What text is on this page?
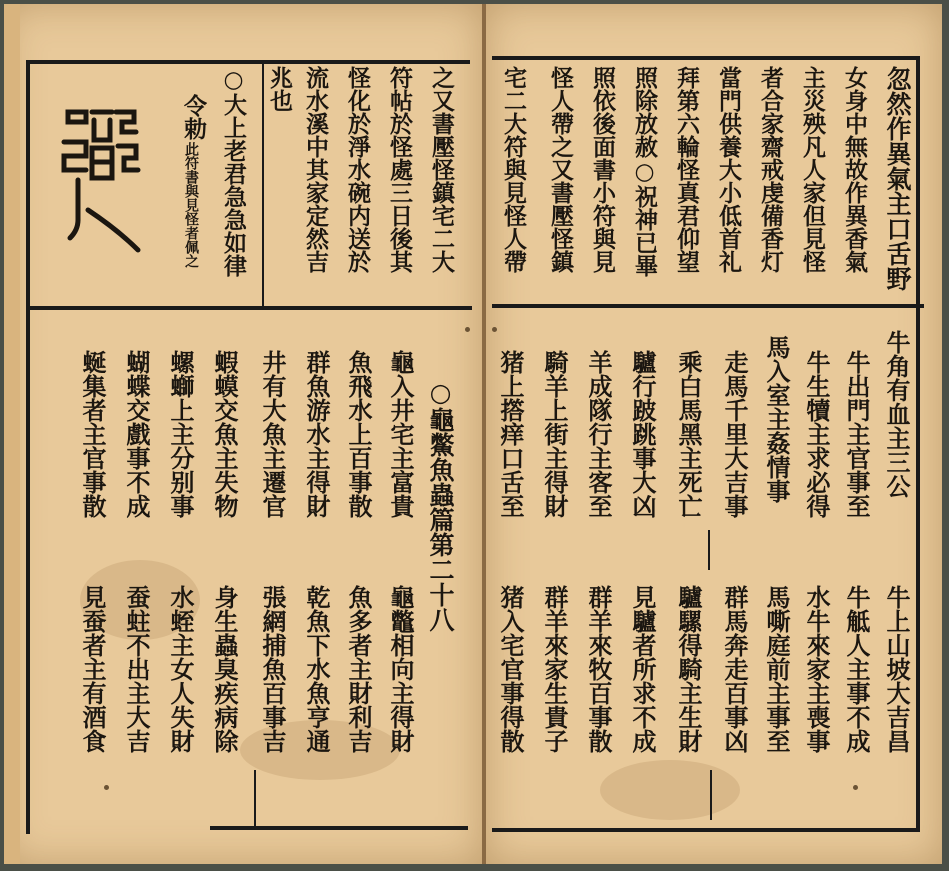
忽然作異氣主口舌野
女身中無故作異香氣
主災殃凡人家但見怪
者合家齋戒虔備香灯
當門供養大小低首礼
拜第六輪怪真君仰望
照除放赦○祝神已畢
照依後面書小符與見
怪人帶之又書壓怪鎮
宅二大符與見怪人帶
牛角有血主三公
牛出門主官事至
牛生犢主求必得
馬入室主姦情事
走馬千里大吉事
乘白馬黑主死亡
驢行跛跳事大凶
羊成隊行主客至
騎羊上街主得財
猪上撘痒口舌至
牛上山坡大吉昌
牛觝人主事不成
水牛來家主喪事
馬嘶庭前主事至
群馬奔走百事凶
驢騾得騎主生財
見驢者所求不成
群羊來牧百事散
群羊來家生貴子
猪入宅官事得散
之又書壓怪鎮宅二大
符帖於怪處三日後其
怪化於淨水碗内送於
流水溪中其家定然吉
兆也
○大上老君急急如律
令勅
此符書與見怪者佩之
○龜鱉魚蟲篇第二十八
龜入井宅主富貴
魚飛水上百事散
群魚游水主得財
井有大魚主遷官
蝦蟆交魚主失物
螺螄上主分别事
蝴蝶交戲事不成
蜒集者主官事散
龜鼈相向主得財
魚多者主財利吉
乾魚下水魚亨通
張網捕魚百事吉
身生蟲臭疾病除
水蛭主女人失財
蚕蛀不出主大吉
見蚕者主有酒食
